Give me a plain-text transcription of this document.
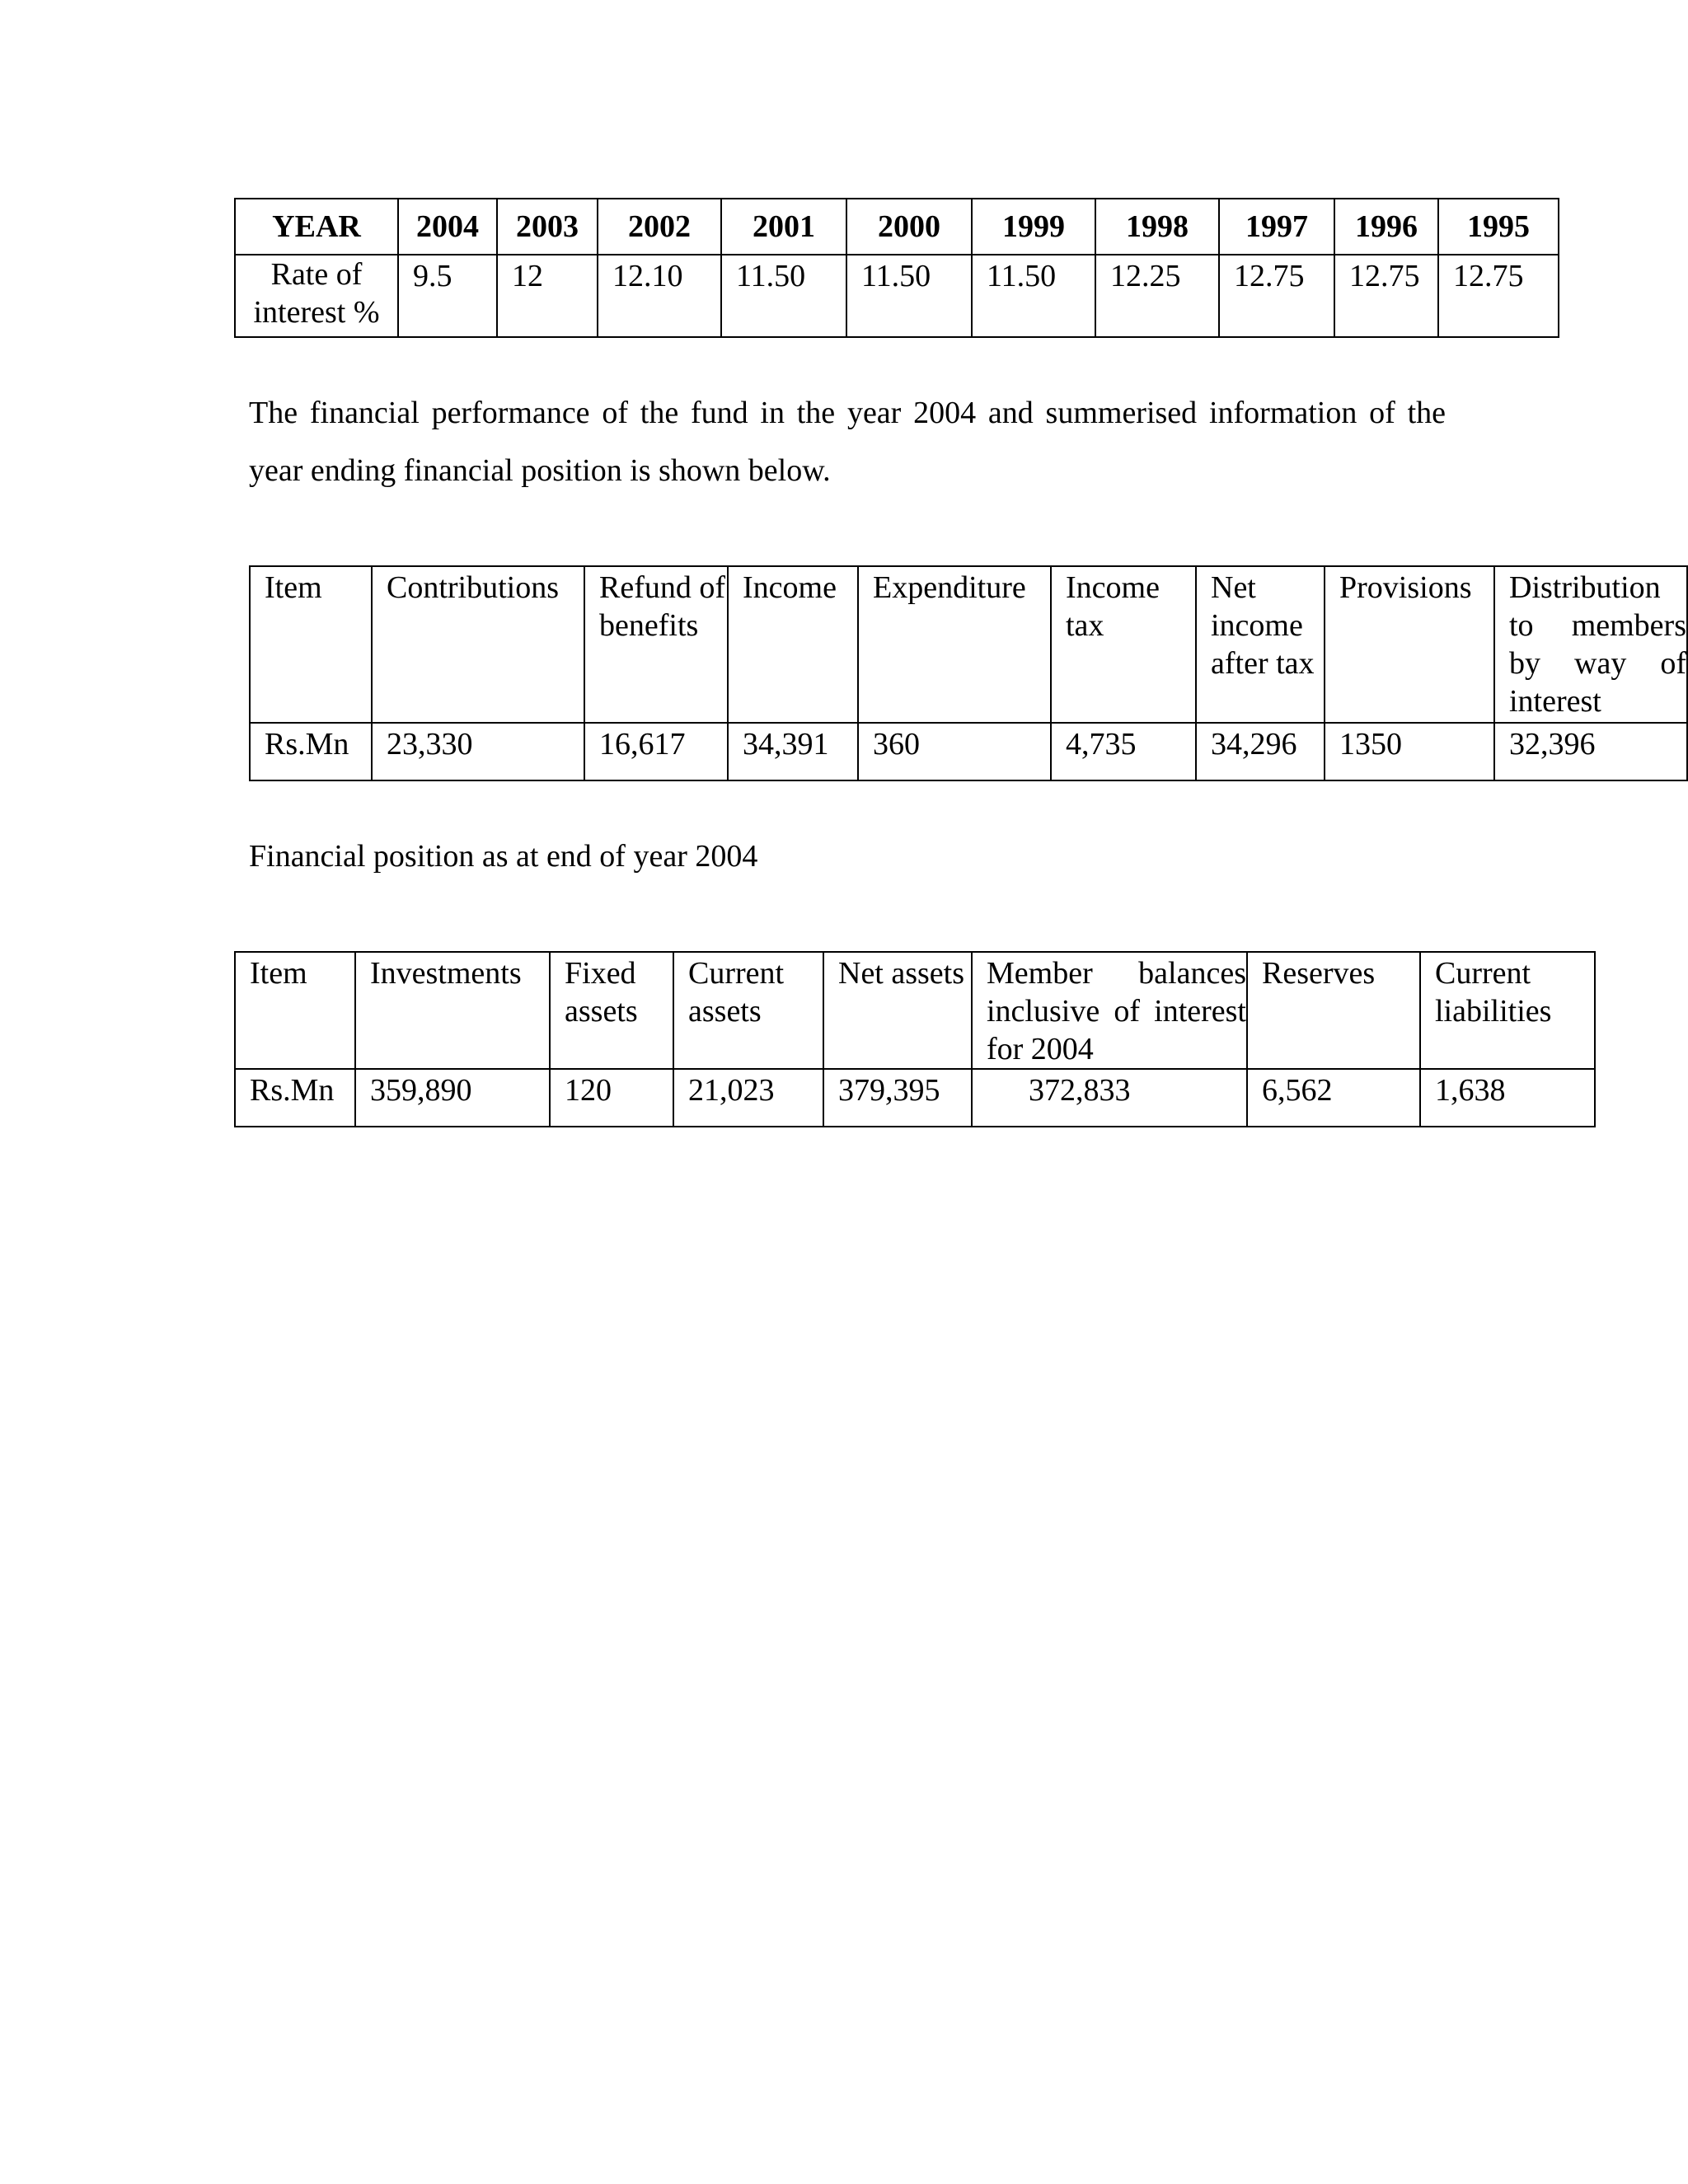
YEAR	2004	2003	2002	2001	2000	1999	1998	1997	1996	1995
Rate of interest %	9.5	12	12.10	11.50	11.50	11.50	12.25	12.75	12.75	12.75

The financial performance of the fund in the year 2004 and summerised information of the year ending financial position is shown below.

Item	Contributions	Refund of benefits	Income	Expenditure	Income tax	Net income after tax	Provisions	Distribution to members by way of interest
Rs.Mn	23,330	16,617	34,391	360	4,735	34,296	1350	32,396

Financial position as at end of year 2004

Item	Investments	Fixed assets	Current assets	Net assets	Member balances inclusive of interest for 2004	Reserves	Current liabilities
Rs.Mn	359,890	120	21,023	379,395	372,833	6,562	1,638
